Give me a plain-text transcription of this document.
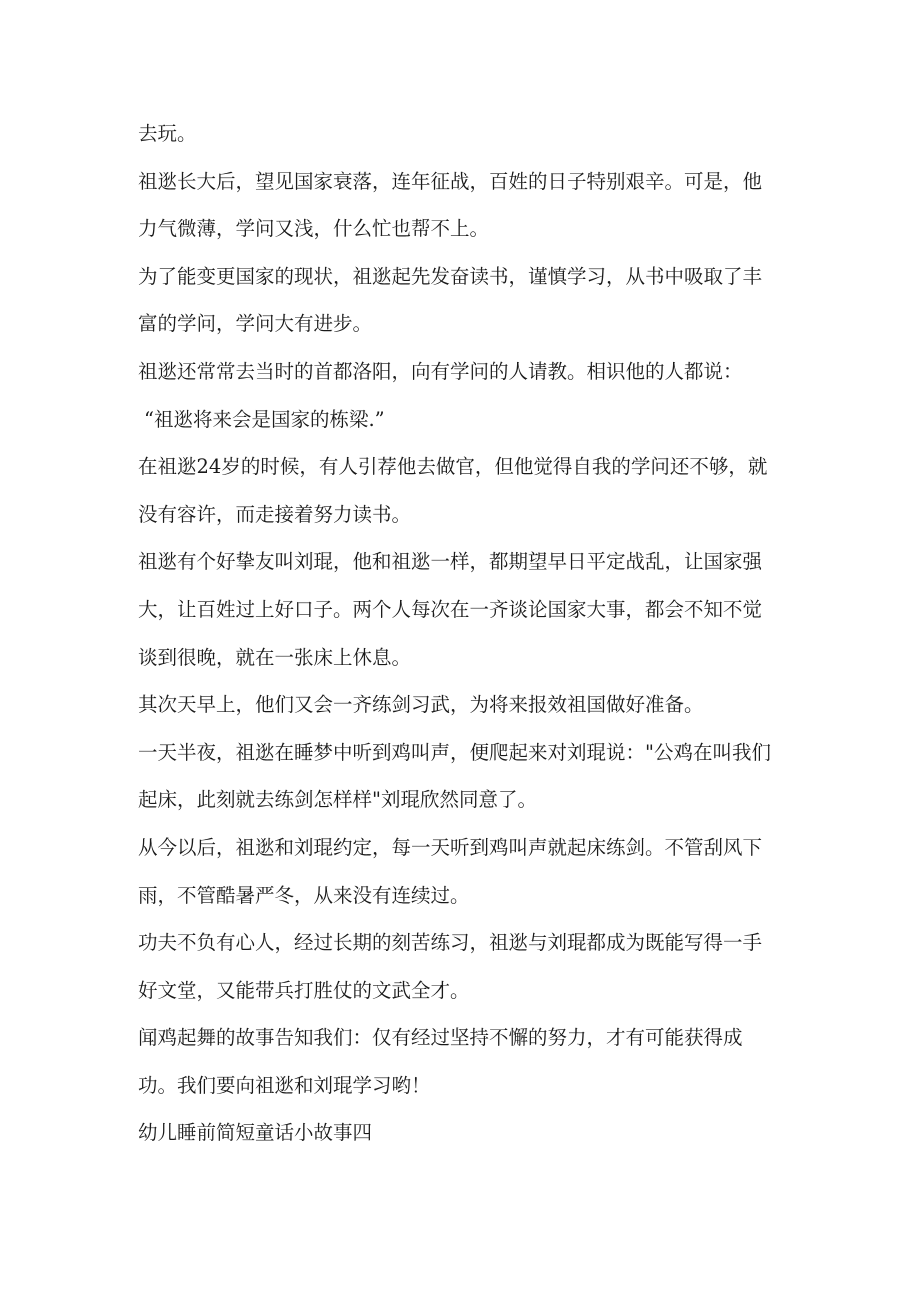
去玩。
祖逖长大后，望见国家衰落，连年征战，百姓的日子特别艰辛。可是，他
力气微薄，学问又浅，什么忙也帮不上。
为了能变更国家的现状，祖逖起先发奋读书，谨慎学习，从书中吸取了丰
富的学问，学问大有进步。
祖逖还常常去当时的首都洛阳，向有学问的人请教。相识他的人都说：
“祖逖将来会是国家的栋梁.”
在祖逖24岁的时候，有人引荐他去做官，但他觉得自我的学问还不够，就
没有容许，而走接着努力读书。
祖逖有个好挚友叫刘琨，他和祖逖一样，都期望早日平定战乱，让国家强
大，让百姓过上好口子。两个人每次在一齐谈论国家大事，都会不知不觉
谈到很晚，就在一张床上休息。
其次天早上，他们又会一齐练剑习武，为将来报效祖国做好准备。
一天半夜，祖逖在睡梦中听到鸡叫声，便爬起来对刘琨说："公鸡在叫我们
起床，此刻就去练剑怎样样"刘琨欣然同意了。
从今以后，祖逖和刘琨约定，每一天听到鸡叫声就起床练剑。不管刮风下
雨，不管酷暑严冬，从来没有连续过。
功夫不负有心人，经过长期的刻苦练习，祖逖与刘琨都成为既能写得一手
好文堂，又能带兵打胜仗的文武全才。
闻鸡起舞的故事告知我们：仅有经过坚持不懈的努力，才有可能获得成
功。我们要向祖逖和刘琨学习哟！
幼儿睡前简短童话小故事四
